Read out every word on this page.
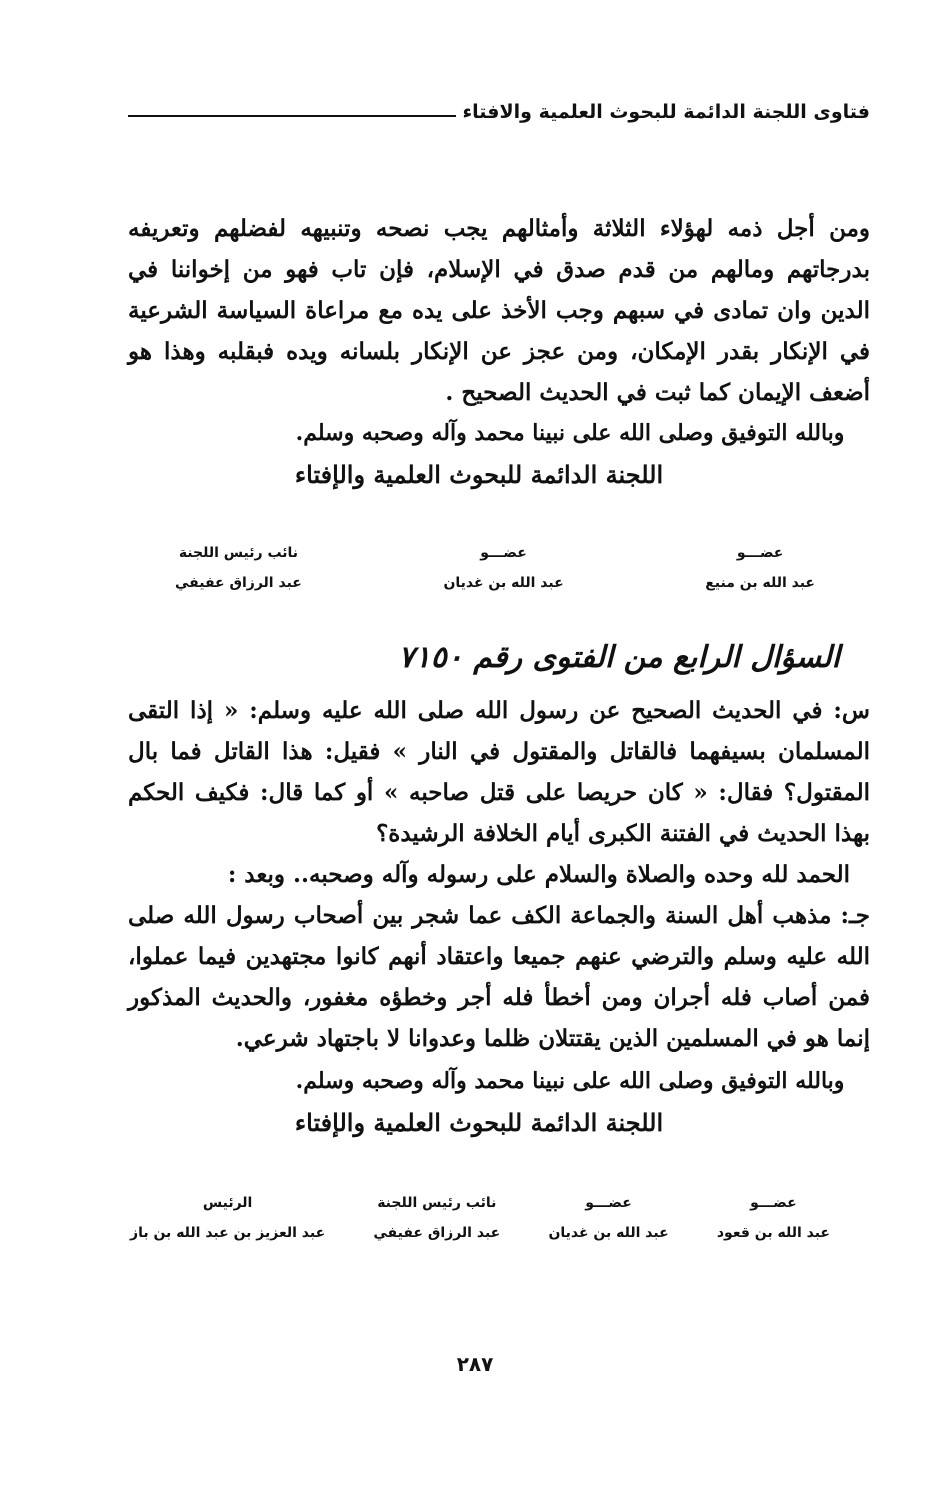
فتاوى اللجنة الدائمة للبحوث العلمية والافتاء
ومن أجل ذمه لهؤلاء الثلاثة وأمثالهم يجب نصحه وتنبيهه لفضلهم وتعريفه بدرجاتهم ومالهم من قدم صدق في الإسلام، فإن تاب فهو من إخواننا في الدين وان تمادى في سبهم وجب الأخذ على يده مع مراعاة السياسة الشرعية في الإنكار بقدر الإمكان، ومن عجز عن الإنكار بلسانه ويده فبقلبه وهذا هو أضعف الإيمان كما ثبت في الحديث الصحيح .
وبالله التوفيق وصلى الله على نبينا محمد وآله وصحبه وسلم.
اللجنة الدائمة للبحوث العلمية والإفتاء
عضـــو
عبد الله بن منيع
عضـــو
عبد الله بن غديان
نائب رئيس اللجنة
عبد الرزاق عفيفي
السؤال الرابع من الفتوى رقم ٧١٥٠
س: في الحديث الصحيح عن رسول الله صلى الله عليه وسلم: « إذا التقى المسلمان بسيفهما فالقاتل والمقتول في النار » فقيل: هذا القاتل فما بال المقتول؟ فقال: « كان حريصا على قتل صاحبه » أو كما قال: فكيف الحكم بهذا الحديث في الفتنة الكبرى أيام الخلافة الرشيدة؟
الحمد لله وحده والصلاة والسلام على رسوله وآله وصحبه.. وبعد :
جـ: مذهب أهل السنة والجماعة الكف عما شجر بين أصحاب رسول الله صلى الله عليه وسلم والترضي عنهم جميعا واعتقاد أنهم كانوا مجتهدين فيما عملوا، فمن أصاب فله أجران ومن أخطأ فله أجر وخطؤه مغفور، والحديث المذكور إنما هو في المسلمين الذين يقتتلان ظلما وعدوانا لا باجتهاد شرعي.
وبالله التوفيق وصلى الله على نبينا محمد وآله وصحبه وسلم.
اللجنة الدائمة للبحوث العلمية والإفتاء
عضـــو
عبد الله بن قعود
عضـــو
عبد الله بن غديان
نائب رئيس اللجنة
عبد الرزاق عفيفي
الرئيس
عبد العزيز بن عبد الله بن باز
٢٨٧
